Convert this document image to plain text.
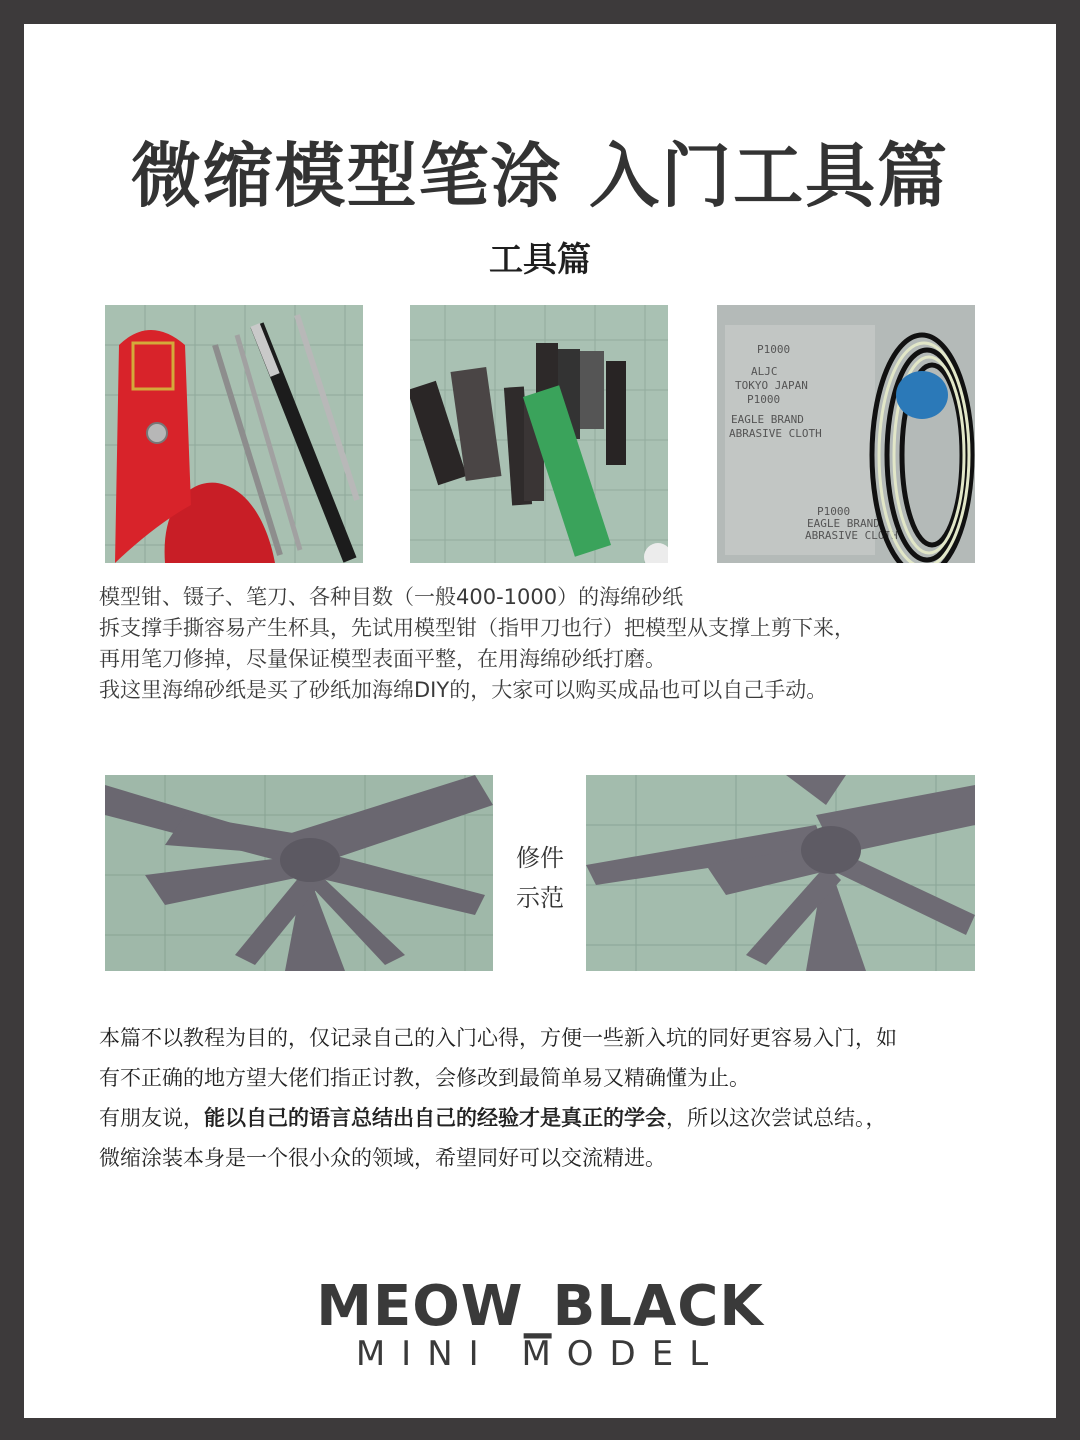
微缩模型笔涂 入门工具篇
工具篇
P1000
ALJC
TOKYO JAPAN
P1000
EAGLE BRAND
ABRASIVE CLOTH
P1000
EAGLE BRAND
ABRASIVE CLOTH

模型钳、镊子、笔刀、各种目数（一般400-1000）的海绵砂纸

拆支撑手撕容易产生杯具，先试用模型钳（指甲刀也行）把模型从支撑上剪下来，

再用笔刀修掉，尽量保证模型表面平整，在用海绵砂纸打磨。

我这里海绵砂纸是买了砂纸加海绵DIY的，大家可以购买成品也可以自己手动。

修件
示范

本篇不以教程为目的，仅记录自己的入门心得，方便一些新入坑的同好更容易入门，如

有不正确的地方望大佬们指正讨教，会修改到最简单易又精确懂为止。

有朋友说，能以自己的语言总结出自己的经验才是真正的学会，所以这次尝试总结。，

微缩涂装本身是一个很小众的领域，希望同好可以交流精进。

MEOW_BLACK
MINI MODEL
